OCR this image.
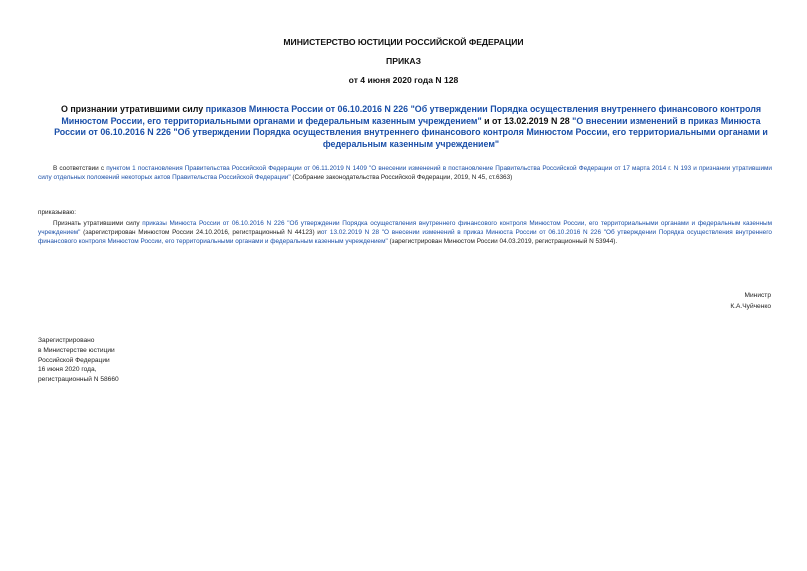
МИНИСТЕРСТВО ЮСТИЦИИ РОССИЙСКОЙ ФЕДЕРАЦИИ
ПРИКАЗ
от 4 июня 2020 года N 128
О признании утратившими силу приказов Минюста России от 06.10.2016 N 226 "Об утверждении Порядка осуществления внутреннего финансового контроля Минюстом России, его территориальными органами и федеральным казенным учреждением" и от 13.02.2019 N 28 "О внесении изменений в приказ Минюста России от 06.10.2016 N 226 "Об утверждении Порядка осуществления внутреннего финансового контроля Минюстом России, его территориальными органами и федеральным казенным учреждением"
В соответствии с пунктом 1 постановления Правительства Российской Федерации от 06.11.2019 N 1409 "О внесении изменений в постановление Правительства Российской Федерации от 17 марта 2014 г. N 193 и признании утратившими силу отдельных положений некоторых актов Правительства Российской Федерации" (Собрание законодательства Российской Федерации, 2019, N 45, ст.6363)
приказываю:
Признать утратившими силу приказы Минюста России от 06.10.2016 N 226 "Об утверждении Порядка осуществления внутреннего финансового контроля Минюстом России, его территориальными органами и федеральным казенным учреждением" (зарегистрирован Минюстом России 24.10.2016, регистрационный N 44123) иот 13.02.2019 N 28 "О внесении изменений в приказ Минюста России от 06.10.2016 N 226 "Об утверждении Порядка осуществления внутреннего финансового контроля Минюстом России, его территориальными органами и федеральным казенным учреждением" (зарегистрирован Минюстом России 04.03.2019, регистрационный N 53944).
Министр
К.А.Чуйченко
Зарегистрировано
в Министерстве юстиции
Российской Федерации
16 июня 2020 года,
регистрационный N 58660
